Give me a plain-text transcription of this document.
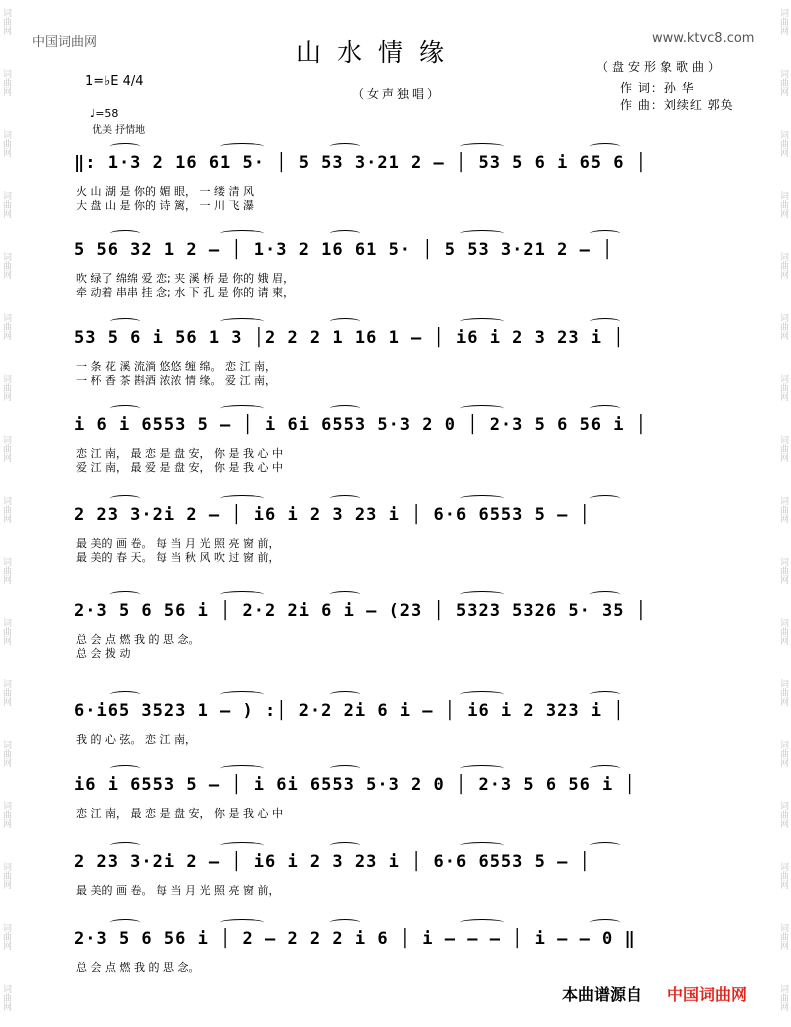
词曲网
词曲网
词曲网
词曲网
词曲网
词曲网
词曲网
词曲网
词曲网
词曲网
词曲网
词曲网
词曲网
词曲网
词曲网
词曲网
词曲网
词曲网
词曲网
词曲网
词曲网
词曲网
词曲网
词曲网
词曲网
词曲网
词曲网
词曲网
词曲网
词曲网
词曲网
词曲网
词曲网
词曲网
中国词曲网	www.ktvc8.com
山水情缘	（盘安形象歌曲）
作 词：孙 华
作 曲：刘续红 郭奂
（女声独唱）
1=♭E 4/4
♩=58
优美 抒情地
‖: 1·3 2 16 61 5· │ 5 53 3·21 2 – │ 53 5 6 i 65 6 │
火 山 湖 是 你的 媚 眼， 一 缕 清 风
大 盘 山 是 你的 诗 篱， 一 川 飞 瀑
5 56 32 1 2 – │ 1·3 2 16 61 5· │ 5 53 3·21 2 – │
吹 绿了 绵绵 爱 恋; 夹 溪 桥 是 你的 娥 眉，
牵 动着 串串 挂 念; 水 下 孔 是 你的 请 柬，
53 5 6 i 56 1 3 │2 2 2 1 16 1 – │ i6 i 2 3 23 i │
一 条 花 溪 流淌 悠悠 缠 绵。 恋 江 南，
一 杯 香 茶 斟酒 浓浓 情 缘。 爱 江 南，
i 6 i 6553 5 – │ i 6i 6553 5·3 2 0 │ 2·3 5 6 56 i │
恋 江 南， 最 恋 是 盘 安， 你 是 我 心 中
爱 江 南， 最 爱 是 盘 安， 你 是 我 心 中
2 23 3·2i 2 – │ i6 i 2 3 23 i │ 6·6 6553 5 – │
最 美的 画 卷。 每 当 月 光 照 亮 窗 前，
最 美的 春 天。 每 当 秋 风 吹 过 窗 前，
2·3 5 6 56 i │ 2·2 2i 6 i – (23 │ 5323 5326 5· 35 │
总 会 点 燃 我 的 思 念。
总 会 拨 动
6·i65 3523 1 – ) :│ 2·2 2i 6 i – │ i6 i 2 323 i │
我 的 心 弦。 恋 江 南，
i6 i 6553 5 – │ i 6i 6553 5·3 2 0 │ 2·3 5 6 56 i │
恋 江 南， 最 恋 是 盘 安， 你 是 我 心 中
2 23 3·2i 2 – │ i6 i 2 3 23 i │ 6·6 6553 5 – │
最 美的 画 卷。 每 当 月 光 照 亮 窗 前，
2·3 5 6 56 i │ 2 – 2 2 2 i 6 │ i – – – │ i – – 0 ‖
总 会 点 燃 我 的 思 念。
本曲谱源自 中国词曲网
